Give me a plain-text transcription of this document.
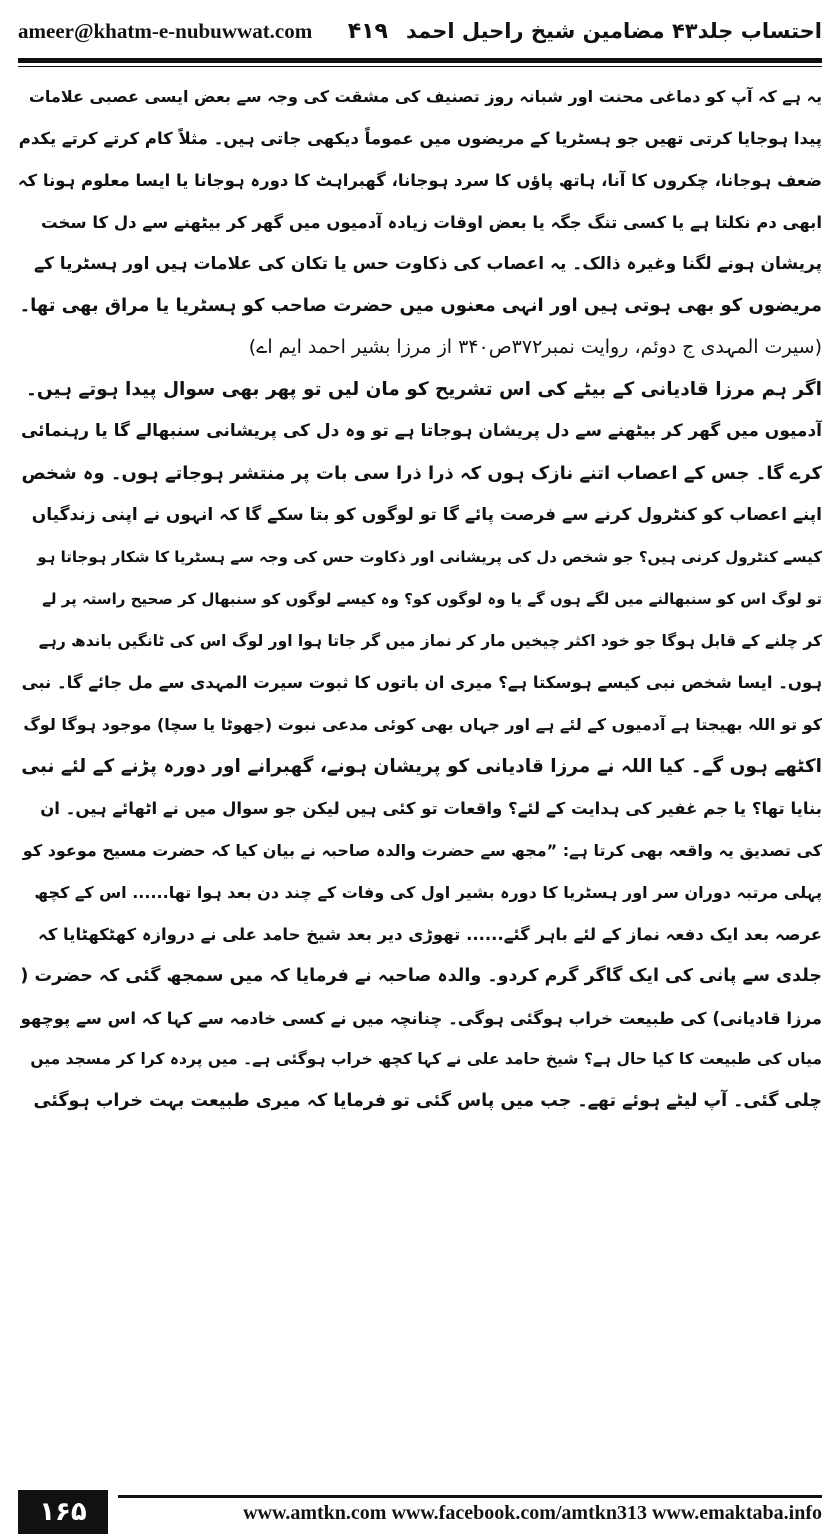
ameer@khatm-e-nubuwwat.com	احتساب جلد۴۳ مضامین شیخ راحیل احمد
۴۱۹
یہ ہے کہ آپ کو دماغی محنت اور شبانہ روز تصنیف کی مشقت کی وجہ سے بعض ایسی عصبی علامات
پیدا ہوجایا کرتی تھیں جو ہسٹریا کے مریضوں میں عموماً دیکھی جاتی ہیں۔ مثلاً کام کرتے کرتے یکدم
ضعف ہوجانا، چکروں کا آنا، ہاتھ پاؤں کا سرد ہوجانا، گھبراہٹ کا دورہ ہوجانا یا ایسا معلوم ہونا کہ
ابھی دم نکلتا ہے یا کسی تنگ جگہ یا بعض اوقات زیادہ آدمیوں میں گھر کر بیٹھنے سے دل کا سخت
پریشان ہونے لگنا وغیرہ ذالک۔ یہ اعصاب کی ذکاوت حس یا تکان کی علامات ہیں اور ہسٹریا کے
مریضوں کو بھی ہوتی ہیں اور انہی معنوں میں حضرت صاحب کو ہسٹریا یا مراق بھی تھا۔
(سیرت المہدی ج دوئم، روایت نمبر۳۷۲ص۳۴۰ از مرزا بشیر احمد ایم اے)
اگر ہم مرزا قادیانی کے بیٹے کی اس تشریح کو مان لیں تو پھر بھی سوال پیدا ہوتے ہیں۔
آدمیوں میں گھر کر بیٹھنے سے دل پریشان ہوجاتا ہے تو وہ دل کی پریشانی سنبھالے گا یا رہنمائی
کرے گا۔ جس کے اعصاب اتنے نازک ہوں کہ ذرا ذرا سی بات پر منتشر ہوجاتے ہوں۔ وہ شخص
اپنے اعصاب کو کنٹرول کرنے سے فرصت پائے گا تو لوگوں کو بتا سکے گا کہ انہوں نے اپنی زندگیاں
کیسے کنٹرول کرنی ہیں؟ جو شخص دل کی پریشانی اور ذکاوت حس کی وجہ سے ہسٹریا کا شکار ہوجاتا ہو
تو لوگ اس کو سنبھالنے میں لگے ہوں گے یا وہ لوگوں کو؟ وہ کیسے لوگوں کو سنبھال کر صحیح راستہ پر لے
کر چلنے کے قابل ہوگا جو خود اکثر چیخیں مار کر نماز میں گر جاتا ہوا اور لوگ اس کی ٹانگیں باندھ رہے
ہوں۔ ایسا شخص نبی کیسے ہوسکتا ہے؟ میری ان باتوں کا ثبوت سیرت المہدی سے مل جائے گا۔ نبی
کو تو اللہ بھیجتا ہے آدمیوں کے لئے ہے اور جہاں بھی کوئی مدعی نبوت (جھوٹا یا سچا) موجود ہوگا لوگ
اکٹھے ہوں گے۔ کیا اللہ نے مرزا قادیانی کو پریشان ہونے، گھبرانے اور دورہ پڑنے کے لئے نبی
بنایا تھا؟ یا جم غفیر کی ہدایت کے لئے؟ واقعات تو کئی ہیں لیکن جو سوال میں نے اٹھائے ہیں۔ ان
کی تصدیق یہ واقعہ بھی کرتا ہے: ”مجھ سے حضرت والدہ صاحبہ نے بیان کیا کہ حضرت مسیح موعود کو
پہلی مرتبہ دوران سر اور ہسٹریا کا دورہ بشیر اول کی وفات کے چند دن بعد ہوا تھا...... اس کے کچھ
عرصہ بعد ایک دفعہ نماز کے لئے باہر گئے...... تھوڑی دیر بعد شیخ حامد علی نے دروازہ کھٹکھٹایا کہ
جلدی سے پانی کی ایک گاگر گرم کردو۔ والدہ صاحبہ نے فرمایا کہ میں سمجھ گئی کہ حضرت (
مرزا قادیانی) کی طبیعت خراب ہوگئی ہوگی۔ چنانچہ میں نے کسی خادمہ سے کہا کہ اس سے پوچھو
میاں کی طبیعت کا کیا حال ہے؟ شیخ حامد علی نے کہا کچھ خراب ہوگئی ہے۔ میں پردہ کرا کر مسجد میں
چلی گئی۔ آپ لیٹے ہوئے تھے۔ جب میں پاس گئی تو فرمایا کہ میری طبیعت بہت خراب ہوگئی
۱۶۵	www.amtkn.com www.facebook.com/amtkn313 www.emaktaba.info
